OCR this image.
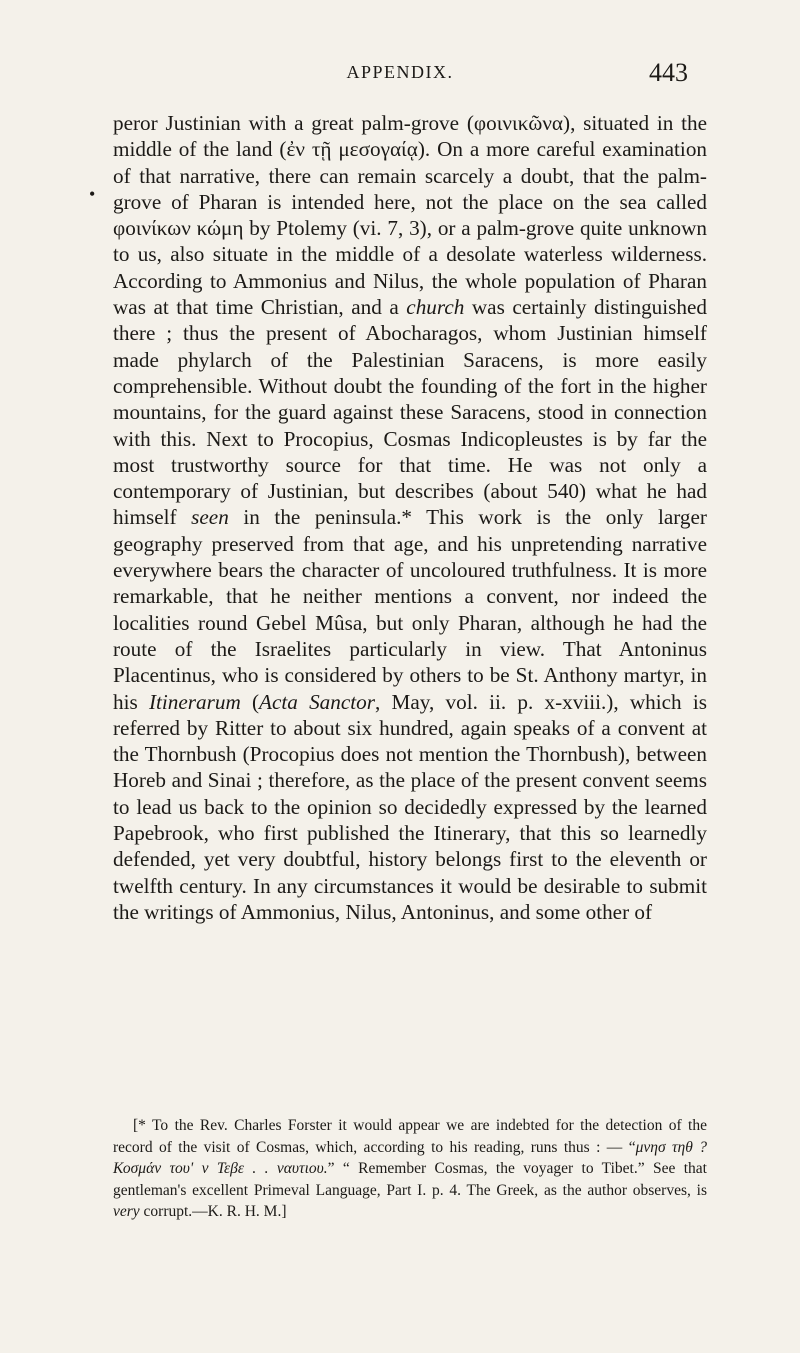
APPENDIX.	443
•

peror Justinian with a great palm-grove (φοινικῶνα), situated in the middle of the land (ἐν τῇ μεσογαίᾳ). On a more careful examination of that narrative, there can remain scarcely a doubt, that the palm-grove of Pharan is intended here, not the place on the sea called φοινίκων κώμη by Ptolemy (vi. 7, 3), or a palm-grove quite unknown to us, also situate in the middle of a desolate waterless wilderness. According to Ammonius and Nilus, the whole population of Pharan was at that time Christian, and a church was certainly distinguished there ; thus the present of Abocharagos, whom Justinian himself made phylarch of the Palestinian Saracens, is more easily comprehensible. Without doubt the founding of the fort in the higher mountains, for the guard against these Saracens, stood in connection with this. Next to Procopius, Cosmas Indicopleustes is by far the most trustworthy source for that time. He was not only a contemporary of Justinian, but describes (about 540) what he had himself seen in the peninsula.* This work is the only larger geography preserved from that age, and his unpretending narrative everywhere bears the character of uncoloured truthfulness. It is more remarkable, that he neither mentions a convent, nor indeed the localities round Gebel Mûsa, but only Pharan, although he had the route of the Israelites particularly in view. That Antoninus Placentinus, who is considered by others to be St. Anthony martyr, in his Itinerarum (Acta Sanctor, May, vol. ii. p. x-xviii.), which is referred by Ritter to about six hundred, again speaks of a convent at the Thornbush (Procopius does not mention the Thornbush), between Horeb and Sinai ; therefore, as the place of the present convent seems to lead us back to the opinion so decidedly expressed by the learned Papebrook, who first published the Itinerary, that this so learnedly defended, yet very doubtful, history belongs first to the eleventh or twelfth century. In any circumstances it would be desirable to submit the writings of Ammonius, Nilus, Antoninus, and some other of

[* To the Rev. Charles Forster it would appear we are indebted for the detection of the record of the visit of Cosmas, which, according to his reading, runs thus : — “μνησ τηθ ? Κοσμάν του' ν Τεβε . . ναυτιου.” “ Remember Cosmas, the voyager to Tibet.” See that gentleman's excellent Primeval Language, Part I. p. 4. The Greek, as the author observes, is very corrupt.—K. R. H. M.]
